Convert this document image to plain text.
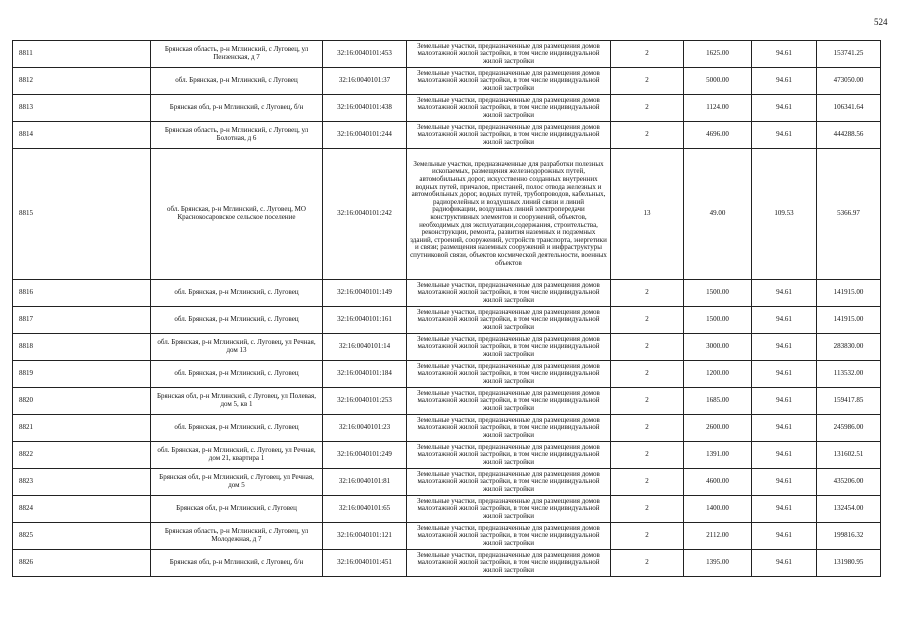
524
8811	Брянская область, р-н Мглинский, с Луговец, ул Пензенская, д 7	32:16:0040101:453	Земельные участки, предназначенные для размещения домов малоэтажной жилой застройки, в том числе индивидуальной жилой застройки	2	1625.00	94.61	153741.25
8812	обл. Брянская, р-н Мглинский, с Луговец	32:16:0040101:37	Земельные участки, предназначенные для размещения домов малоэтажной жилой застройки, в том числе индивидуальной жилой застройки	2	5000.00	94.61	473050.00
8813	Брянская обл, р-н Мглинский, с Луговец, б/н	32:16:0040101:438	Земельные участки, предназначенные для размещения домов малоэтажной жилой застройки, в том числе индивидуальной жилой застройки	2	1124.00	94.61	106341.64
8814	Брянская область, р-н Мглинский, с Луговец, ул Болотная, д 6	32:16:0040101:244	Земельные участки, предназначенные для размещения домов малоэтажной жилой застройки, в том числе индивидуальной жилой застройки	2	4696.00	94.61	444288.56
8815	обл. Брянская, р-н Мглинский, с. Луговец, МО Краснокосаровское сельское поселение	32:16:0040101:242	Земельные участки, предназначенные для разработки полезных ископаемых, размещения железнодорожных путей, автомобильных дорог, искусственно созданных внутренних водных путей, причалов, пристаней, полос отвода железных и автомобильных дорог, водных путей, трубопроводов, кабельных, радиорелейных и воздушных линий связи и линий радиофикации, воздушных линий электропередачи конструктивных элементов и сооружений, объектов, необходимых для эксплуатации,содержания, строительства, реконструкции, ремонта, развития наземных и подземных зданий, строений, сооружений, устройств транспорта, энергетики и связи; размещения наземных сооружений и инфраструктуры спутниковой связи, объектов космической деятельности, военных объектов	13	49.00	109.53	5366.97
8816	обл. Брянская, р-н Мглинский, с. Луговец	32:16:0040101:149	Земельные участки, предназначенные для размещения домов малоэтажной жилой застройки, в том числе индивидуальной жилой застройки	2	1500.00	94.61	141915.00
8817	обл. Брянская, р-н Мглинский, с. Луговец	32:16:0040101:161	Земельные участки, предназначенные для размещения домов малоэтажной жилой застройки, в том числе индивидуальной жилой застройки	2	1500.00	94.61	141915.00
8818	обл. Брянская, р-н Мглинский, с. Луговец, ул Речная, дом 13	32:16:0040101:14	Земельные участки, предназначенные для размещения домов малоэтажной жилой застройки, в том числе индивидуальной жилой застройки	2	3000.00	94.61	283830.00
8819	обл. Брянская, р-н Мглинский, с. Луговец	32:16:0040101:184	Земельные участки, предназначенные для размещения домов малоэтажной жилой застройки, в том числе индивидуальной жилой застройки	2	1200.00	94.61	113532.00
8820	Брянская обл, р-н Мглинский, с Луговец, ул Полевая, дом 5, кв 1	32:16:0040101:253	Земельные участки, предназначенные для размещения домов малоэтажной жилой застройки, в том числе индивидуальной жилой застройки	2	1685.00	94.61	159417.85
8821	обл. Брянская, р-н Мглинский, с. Луговец	32:16:0040101:23	Земельные участки, предназначенные для размещения домов малоэтажной жилой застройки, в том числе индивидуальной жилой застройки	2	2600.00	94.61	245986.00
8822	обл. Брянская, р-н Мглинский, с. Луговец, ул Речная, дом 21, квартира 1	32:16:0040101:249	Земельные участки, предназначенные для размещения домов малоэтажной жилой застройки, в том числе индивидуальной жилой застройки	2	1391.00	94.61	131602.51
8823	Брянская обл, р-н Мглинский, с Луговец, ул Речная, дом 5	32:16:0040101:81	Земельные участки, предназначенные для размещения домов малоэтажной жилой застройки, в том числе индивидуальной жилой застройки	2	4600.00	94.61	435206.00
8824	Брянская обл, р-н Мглинский, с Луговец	32:16:0040101:65	Земельные участки, предназначенные для размещения домов малоэтажной жилой застройки, в том числе индивидуальной жилой застройки	2	1400.00	94.61	132454.00
8825	Брянская область, р-н Мглинский, с Луговец, ул Молодежная, д 7	32:16:0040101:121	Земельные участки, предназначенные для размещения домов малоэтажной жилой застройки, в том числе индивидуальной жилой застройки	2	2112.00	94.61	199816.32
8826	Брянская обл, р-н Мглинский, с Луговец, б/н	32:16:0040101:451	Земельные участки, предназначенные для размещения домов малоэтажной жилой застройки, в том числе индивидуальной жилой застройки	2	1395.00	94.61	131980.95
